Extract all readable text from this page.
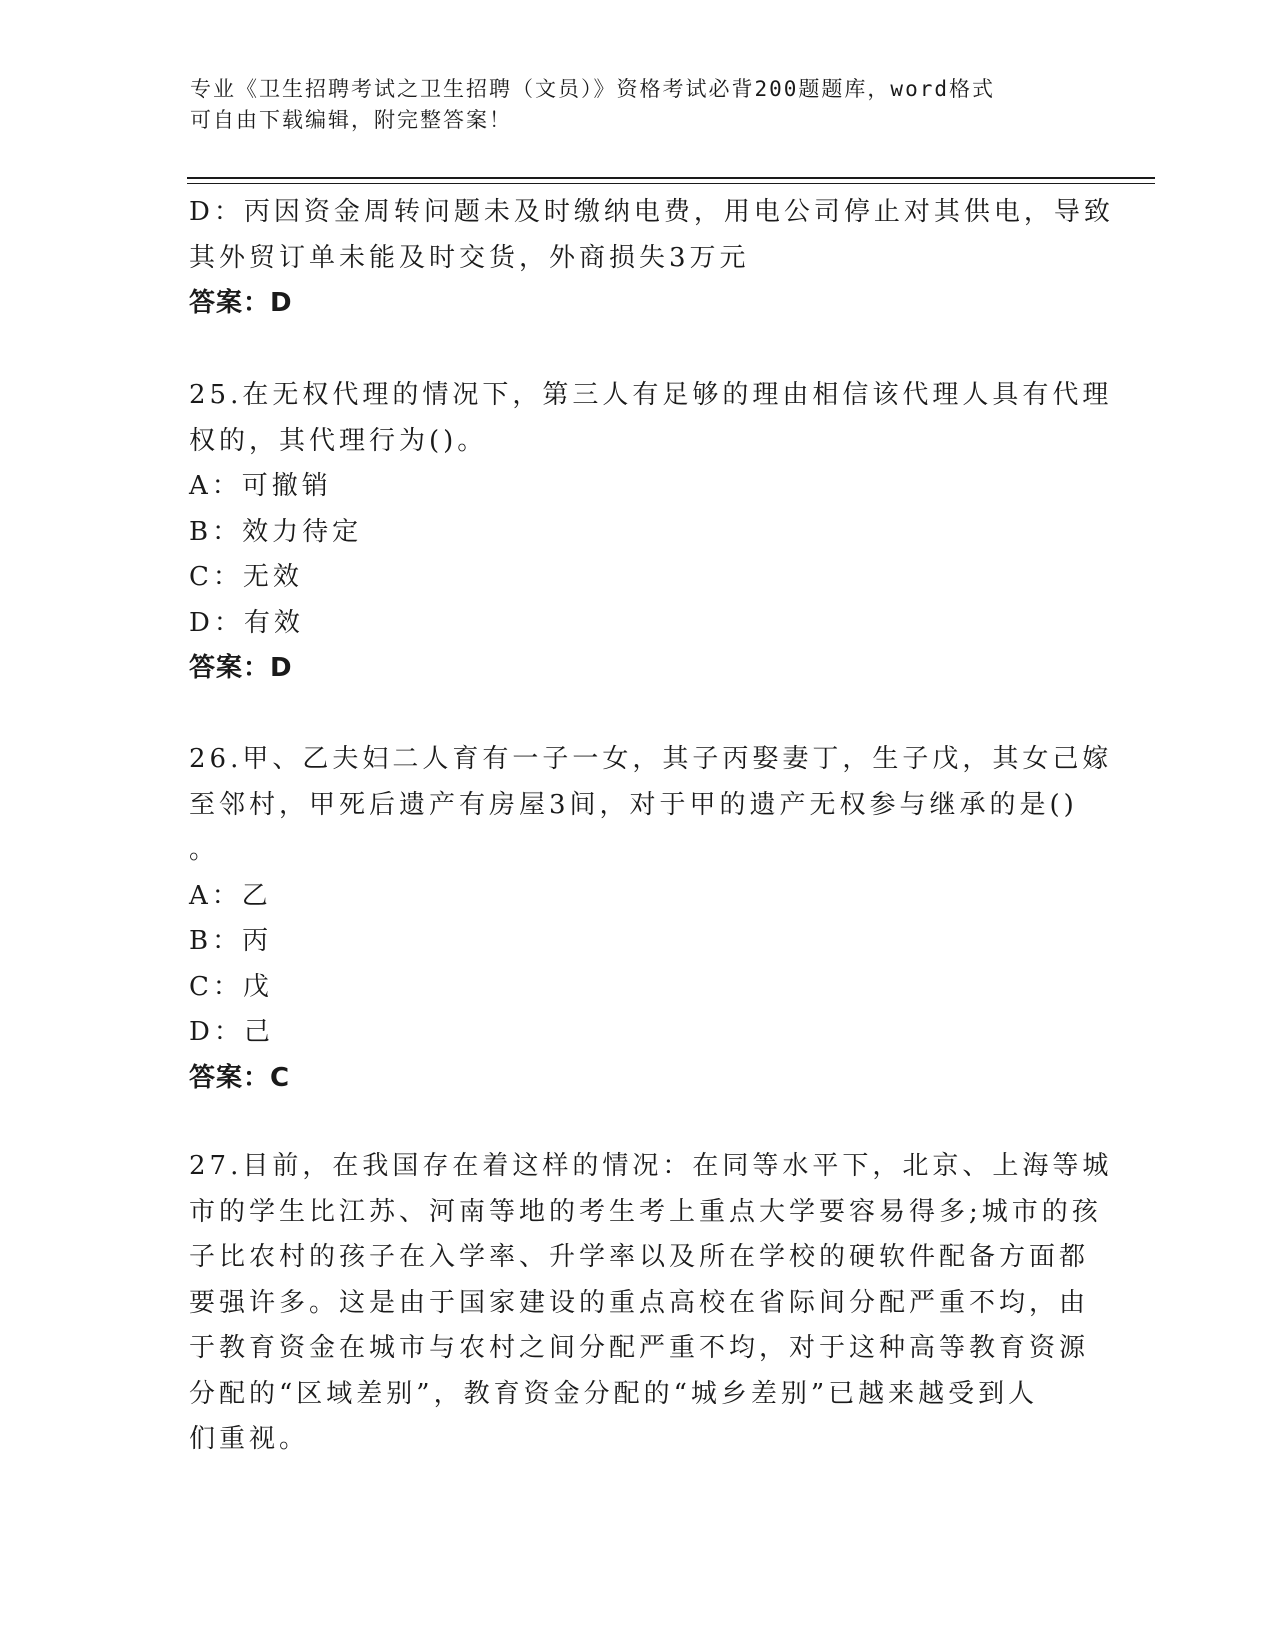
专业《卫生招聘考试之卫生招聘（文员）》资格考试必背200题题库，word格式
可自由下载编辑，附完整答案！
D：丙因资金周转问题未及时缴纳电费，用电公司停止对其供电，导致
其外贸订单未能及时交货，外商损失3万元
答案：D
25.在无权代理的情况下，第三人有足够的理由相信该代理人具有代理
权的，其代理行为()。
A：可撤销
B：效力待定
C：无效
D：有效
答案：D
26.甲、乙夫妇二人育有一子一女，其子丙娶妻丁，生子戊，其女己嫁
至邻村，甲死后遗产有房屋3间，对于甲的遗产无权参与继承的是()
。
A：乙
B：丙
C：戊
D：己
答案：C
27.目前，在我国存在着这样的情况：在同等水平下，北京、上海等城
市的学生比江苏、河南等地的考生考上重点大学要容易得多;城市的孩
子比农村的孩子在入学率、升学率以及所在学校的硬软件配备方面都
要强许多。这是由于国家建设的重点高校在省际间分配严重不均，由
于教育资金在城市与农村之间分配严重不均，对于这种高等教育资源
分配的“区域差别”，教育资金分配的“城乡差别”已越来越受到人
们重视。
